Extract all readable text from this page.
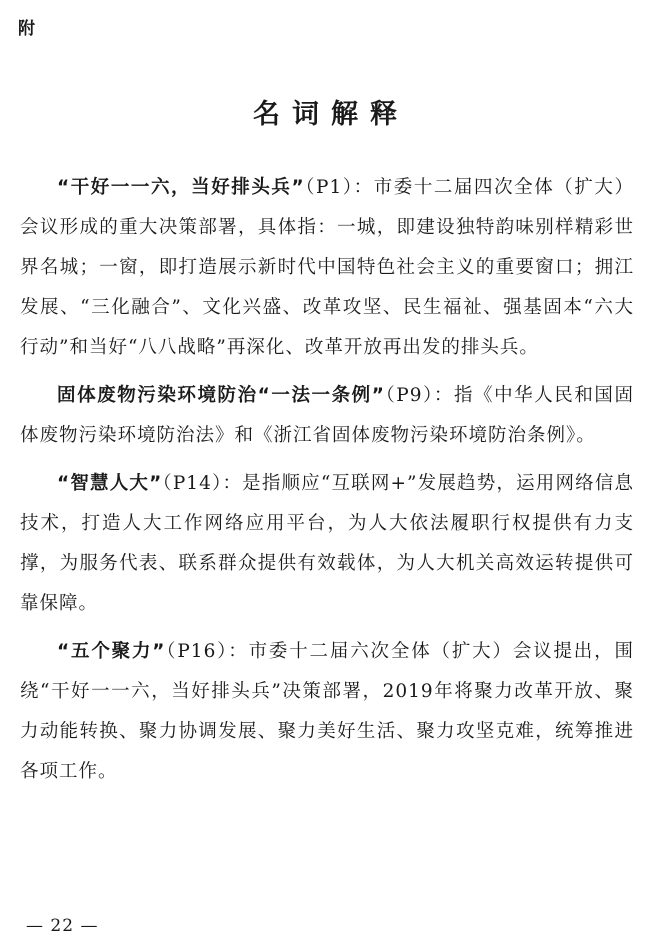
附
名词解释

“干好一一六，当好排头兵”（P1）：市委十二届四次全体（扩大）会议形成的重大决策部署，具体指：一城，即建设独特韵味别样精彩世界名城；一窗，即打造展示新时代中国特色社会主义的重要窗口；拥江发展、“三化融合”、文化兴盛、改革攻坚、民生福祉、强基固本“六大行动”和当好“八八战略”再深化、改革开放再出发的排头兵。

固体废物污染环境防治“一法一条例”（P9）：指《中华人民和国固体废物污染环境防治法》和《浙江省固体废物污染环境防治条例》。

“智慧人大”（P14）：是指顺应“互联网+”发展趋势，运用网络信息技术，打造人大工作网络应用平台，为人大依法履职行权提供有力支撑，为服务代表、联系群众提供有效载体，为人大机关高效运转提供可靠保障。

“五个聚力”（P16）：市委十二届六次全体（扩大）会议提出，围绕“干好一一六，当好排头兵”决策部署，2019年将聚力改革开放、聚力动能转换、聚力协调发展、聚力美好生活、聚力攻坚克难，统筹推进各项工作。

— 22 —
